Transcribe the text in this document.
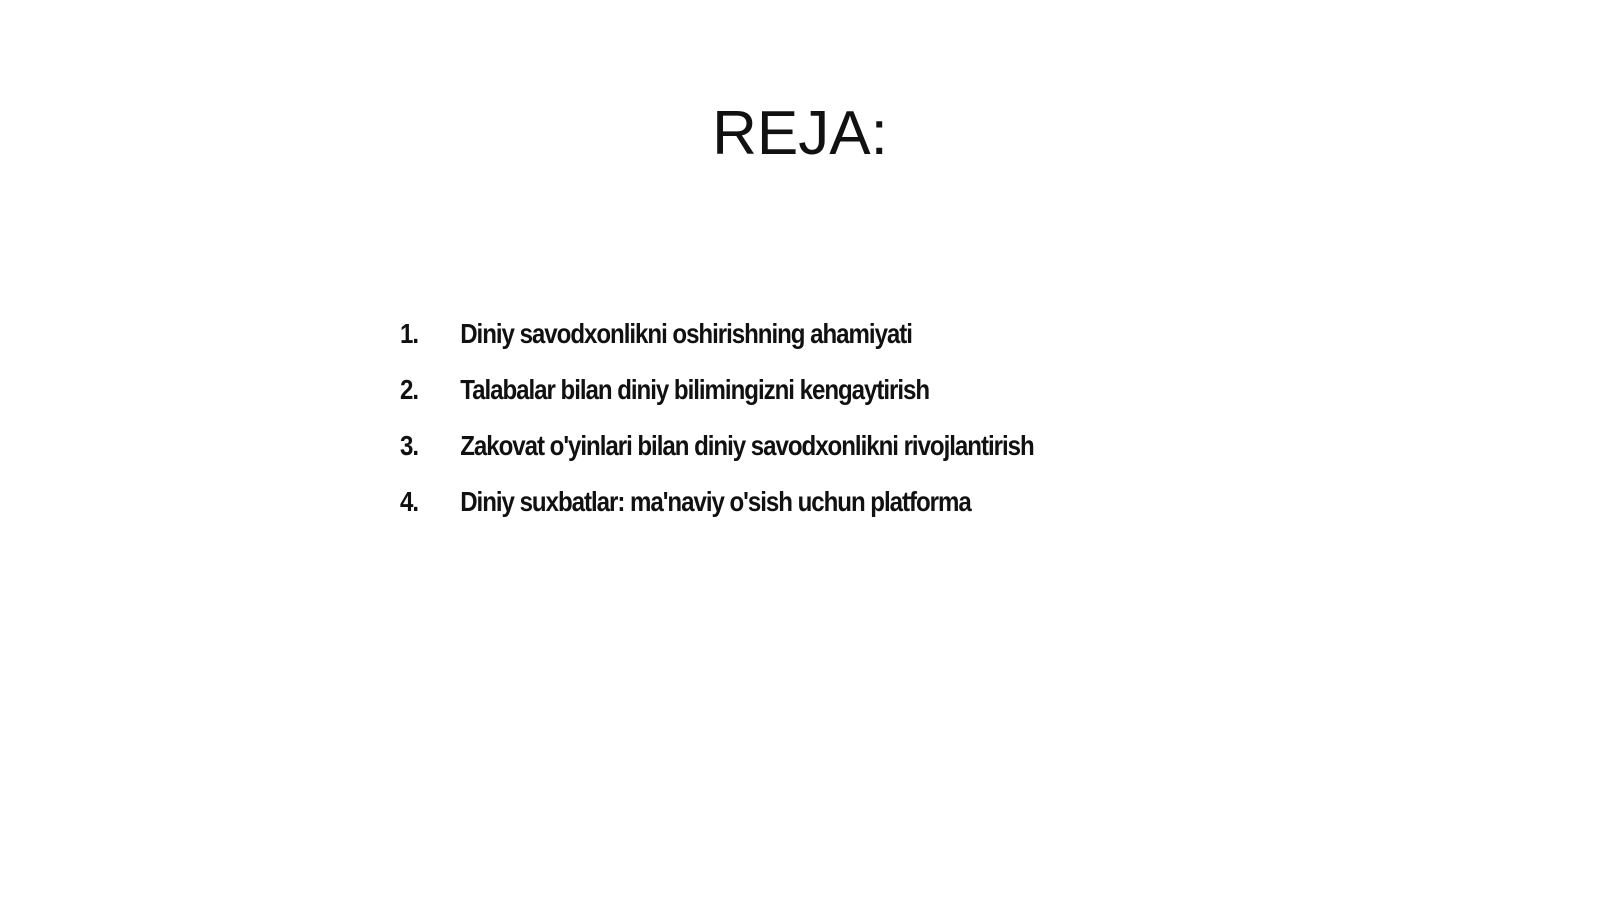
REJA:
1.	Diniy savodxonlikni oshirishning ahamiyati
2.	Talabalar bilan diniy bilimingizni kengaytirish
3.	Zakovat o'yinlari bilan diniy savodxonlikni rivojlantirish
4.	Diniy suxbatlar: ma'naviy o'sish uchun platforma
